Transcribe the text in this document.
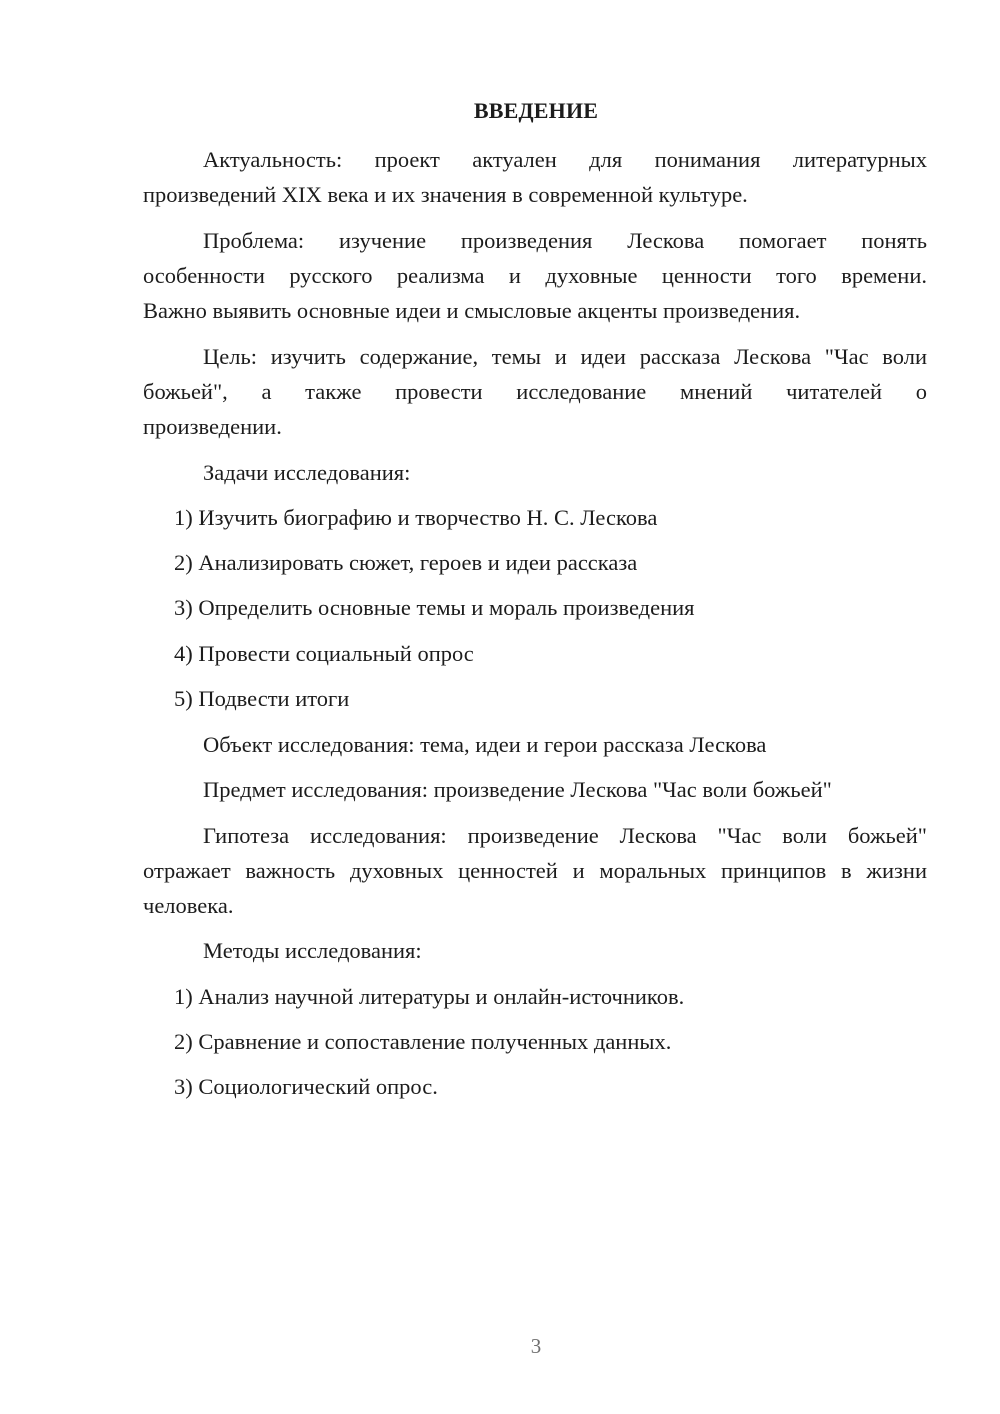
ВВЕДЕНИЕ
Актуальность: проект актуален для понимания литературных
произведений XIX века и их значения в современной культуре.
Проблема: изучение произведения Лескова помогает понять
особенности русского реализма и духовные ценности того времени.
Важно выявить основные идеи и смысловые акценты произведения.
Цель: изучить содержание, темы и идеи рассказа Лескова "Час воли
божьей", а также провести исследование мнений читателей о
произведении.
Задачи исследования:
1) Изучить биографию и творчество Н. С. Лескова
2) Анализировать сюжет, героев и идеи рассказа
3) Определить основные темы и мораль произведения
4) Провести социальный опрос
5) Подвести итоги
Объект исследования: тема, идеи и герои рассказа Лескова
Предмет исследования: произведение Лескова "Час воли божьей"
Гипотеза исследования: произведение Лескова "Час воли божьей"
отражает важность духовных ценностей и моральных принципов в жизни
человека.
Методы исследования:
1) Анализ научной литературы и онлайн-источников.
2) Сравнение и сопоставление полученных данных.
3) Социологический опрос.
3
